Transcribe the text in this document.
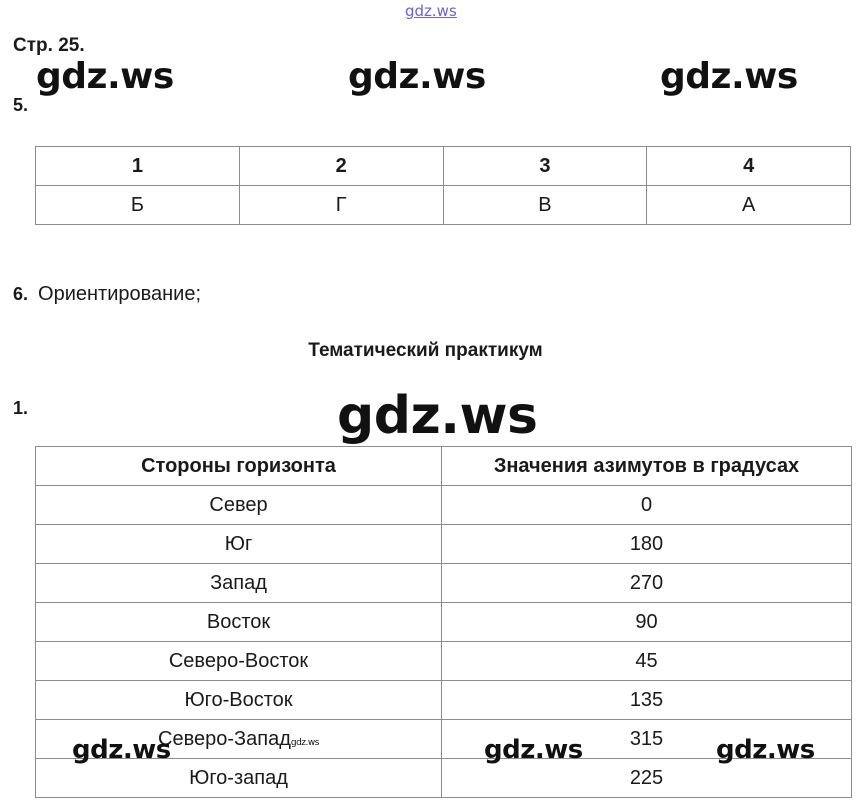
gdz.ws
Стр. 25.
gdz.ws	gdz.ws	gdz.ws
5.
1	2	3	4
Б	Г	В	А
6. Ориентирование;
Тематический практикум
1.	gdz.ws
Стороны горизонта	Значения азимутов в градусах
Север	0
Юг	180
Запад	270
Восток	90
Северо-Восток	45
Юго-Восток	135
Северо-Западgdz.ws	315
Юго-запад	225
gdz.ws	gdz.ws	gdz.ws
